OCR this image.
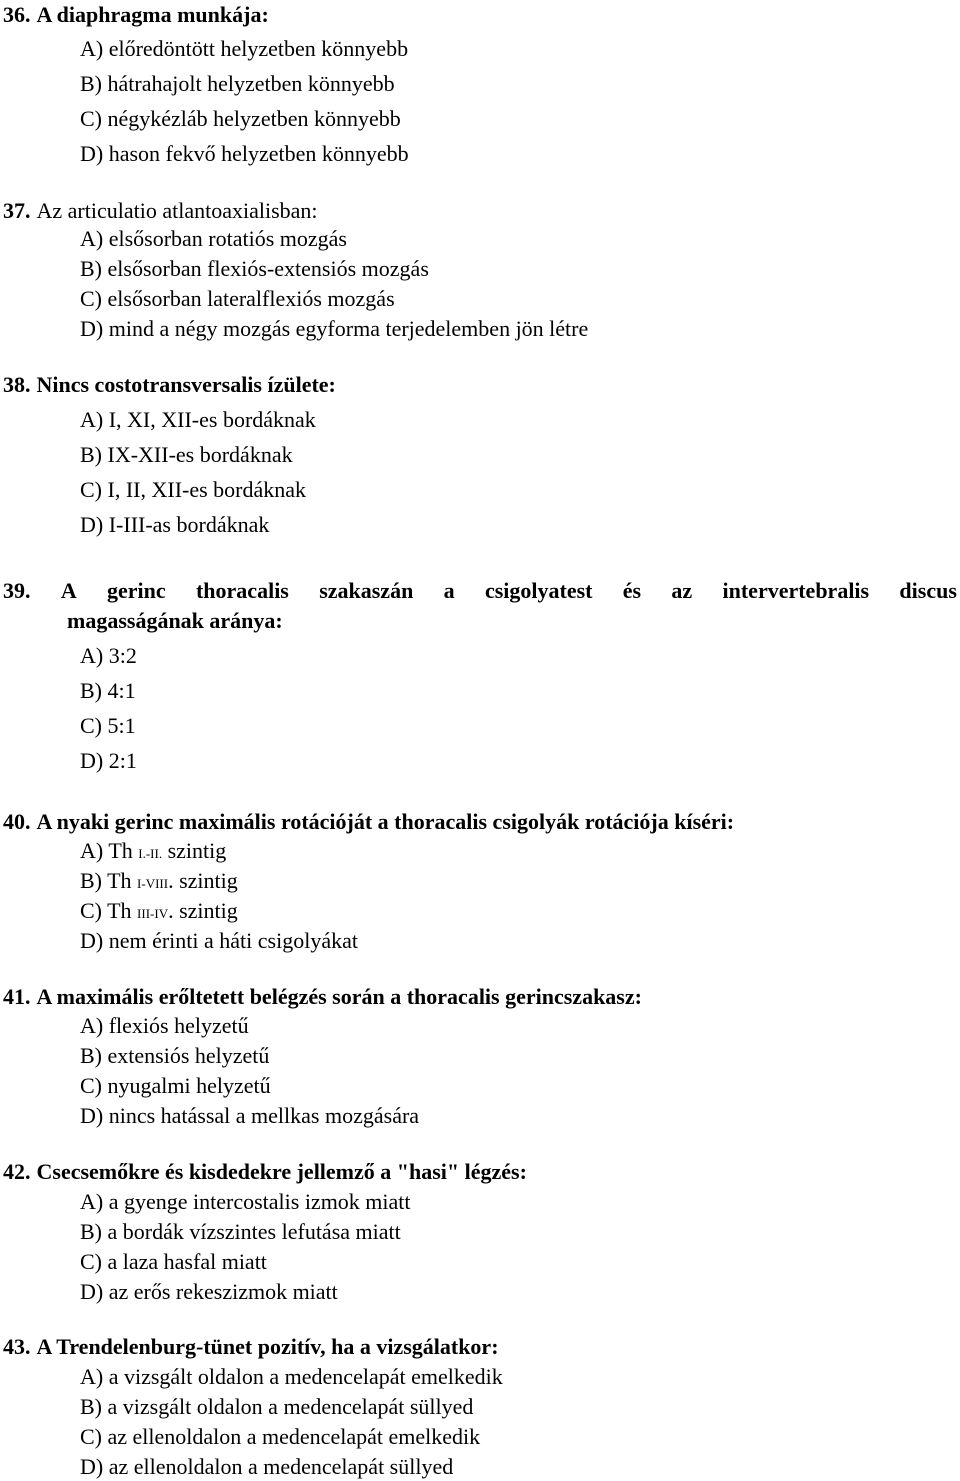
36. A diaphragma munkája:
A) előredöntött helyzetben könnyebb
B) hátrahajolt helyzetben könnyebb
C) négykézláb helyzetben könnyebb
D) hason fekvő helyzetben könnyebb
37. Az articulatio atlantoaxialisban:
A) elsősorban rotatiós mozgás
B) elsősorban flexiós-extensiós mozgás
C) elsősorban lateralflexiós mozgás
D) mind a négy mozgás egyforma terjedelemben jön létre
38. Nincs costotransversalis ízülete:
A) I, XI, XII-es bordáknak
B) IX-XII-es bordáknak
C) I, II, XII-es bordáknak
D) I-III-as bordáknak
39. A gerinc thoracalis szakaszán a csigolyatest és az intervertebralis discus
magasságának aránya:
A) 3:2
B) 4:1
C) 5:1
D) 2:1
40. A nyaki gerinc maximális rotációját a thoracalis csigolyák rotációja kíséri:
A) Th I.-II. szintig
B) Th I-VIII. szintig
C) Th III-IV. szintig
D) nem érinti a háti csigolyákat
41. A maximális erőltetett belégzés során a thoracalis gerincszakasz:
A) flexiós helyzetű
B) extensiós helyzetű
C) nyugalmi helyzetű
D) nincs hatással a mellkas mozgására
42. Csecsemőkre és kisdedekre jellemző a "hasi" légzés:
A) a gyenge intercostalis izmok miatt
B) a bordák vízszintes lefutása miatt
C) a laza hasfal miatt
D) az erős rekeszizmok miatt
43. A Trendelenburg-tünet pozitív, ha a vizsgálatkor:
A) a vizsgált oldalon a medencelapát emelkedik
B) a vizsgált oldalon a medencelapát süllyed
C) az ellenoldalon a medencelapát emelkedik
D) az ellenoldalon a medencelapát süllyed
